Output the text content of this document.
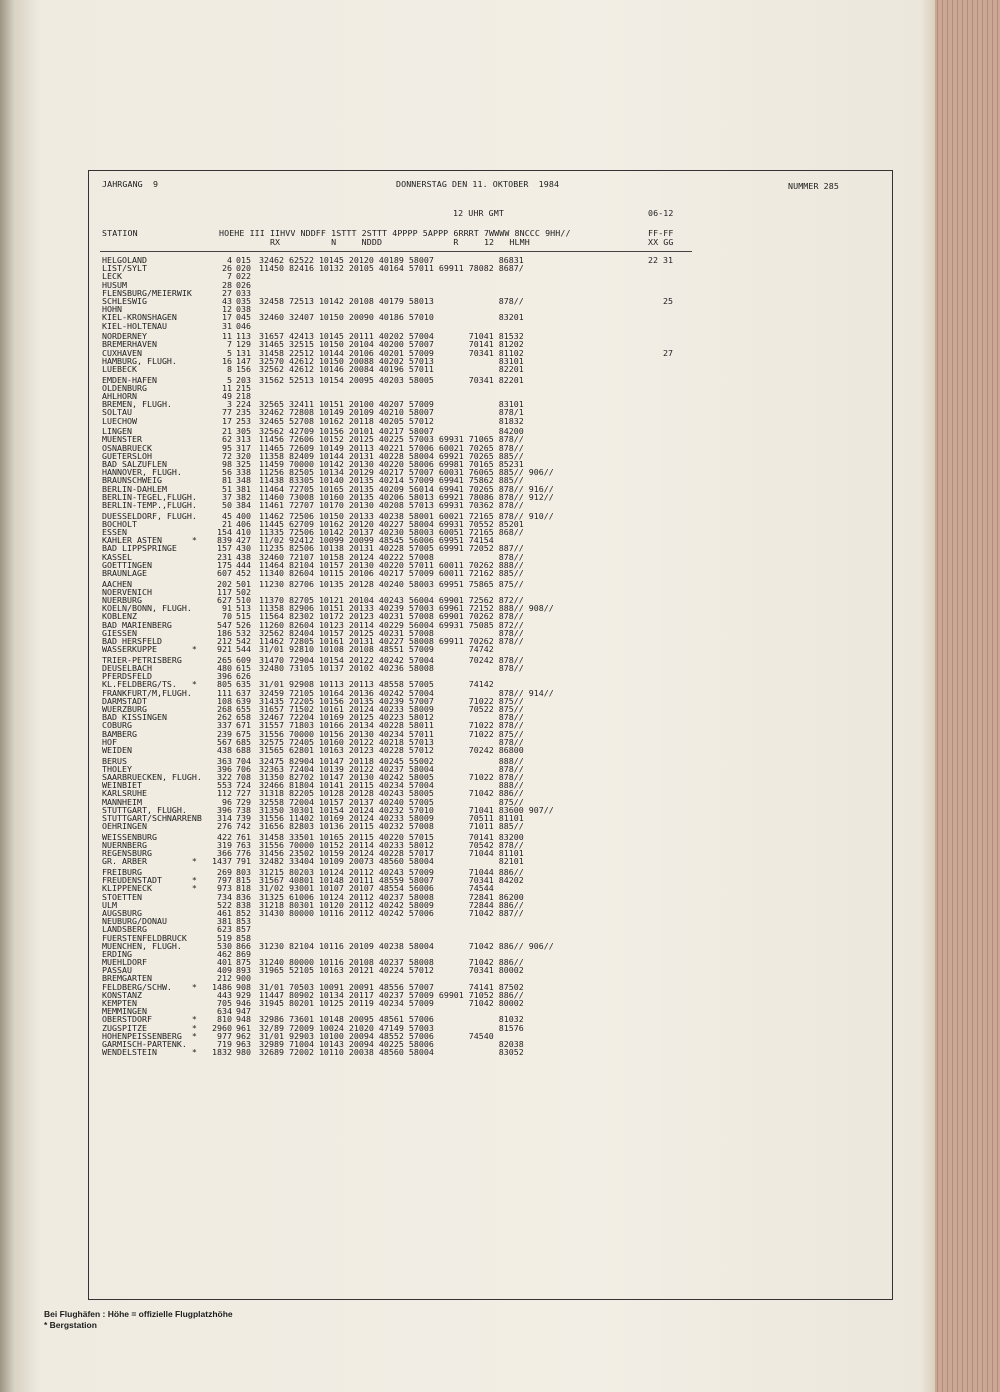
JAHRGANG  9	DONNERSTAG DEN 11. OKTOBER  1984	NUMMER 285
12 UHR GMT	06-12
STATION	HOEHE III IIHVV NDDFF 1STTT 2STTT 4PPPP 5APPP 6RRRT 7WWWW 8NCCC 9HH//
RX          N     NDDD              R     12   HLMH
FF-FF
XX GG
HELGOLAND	4 015 32462 62522 10145 20120 40189 58007             86831	22 31
LIST/SYLT	26 020 11450 82416 10132 20105 40164 57011 69911 78082 8687/
LECK	7 022
HUSUM	28 026
FLENSBURG/MEIERWIK	27 033
SCHLESWIG	43 035 32458 72513 10142 20108 40179 58013             878//	25
HOHN	12 038
KIEL-KRONSHAGEN	17 045 32460 32407 10150 20090 40186 57010             83201
KIEL-HOLTENAU	31 046
NORDERNEY	11 113 31657 42413 10145 20111 40202 57004       71041 81532
BREMERHAVEN	7 129 31465 32515 10150 20104 40200 57007       70141 81202
CUXHAVEN	5 131 31458 22512 10144 20106 40201 57009       70341 81102	27
HAMBURG, FLUGH.	16 147 32570 42612 10150 20088 40202 57013             83101
LUEBECK	8 156 32562 42612 10146 20084 40196 57011             82201
EMDEN-HAFEN	5 203 31562 52513 10154 20095 40203 58005       70341 82201
OLDENBURG	11 215
AHLHORN	49 218
BREMEN, FLUGH.	3 224 32565 32411 10151 20100 40207 57009             83101
SOLTAU	77 235 32462 72808 10149 20109 40210 58007             878/1
LUECHOW	17 253 32465 52708 10162 20118 40205 57012             81832
LINGEN	21 305 32562 42709 10156 20101 40217 58007             84200
MUENSTER	62 313 11456 72606 10152 20125 40225 57003 69931 71065 878//
OSNABRUECK	95 317 11465 72609 10149 20113 40221 57006 60021 70265 878//
GUETERSLOH	72 320 11358 82409 10144 20131 40228 58004 69921 70265 885//
BAD SALZUFLEN	98 325 11459 70000 10142 20130 40220 58006 69981 70165 85231
HANNOVER, FLUGH.	56 338 11256 82505 10134 20129 40217 57007 60031 76065 885// 906//
BRAUNSCHWEIG	81 348 11438 83305 10140 20135 40214 57009 69941 75862 885//
BERLIN-DAHLEM	51 381 11464 72705 10165 20135 40209 56014 69941 70265 878// 916//
BERLIN-TEGEL,FLUGH.	37 382 11460 73008 10160 20135 40206 58013 69921 78086 878// 912//
BERLIN-TEMP.,FLUGH.	50 384 11461 72707 10170 20130 40208 57013 69931 70362 878//
DUESSELDORF, FLUGH.	45 400 11462 72506 10150 20133 40238 58001 60021 72165 878// 910//
BOCHOLT	21 406 11445 62709 10162 20120 40227 58004 69931 70552 85201
ESSEN	154 410 11335 72506 10142 20137 40230 58003 60051 72165 868//
KAHLER ASTEN      *	839 427 11/02 92412 10099 20099 48545 56006 69951 74154
BAD LIPPSPRINGE	157 430 11235 82506 10138 20131 40228 57005 69991 72052 887//
KASSEL	231 438 32460 72107 10158 20124 40222 57008             878//
GOETTINGEN	175 444 11464 82104 10157 20130 40220 57011 60011 70262 888//
BRAUNLAGE	607 452 11340 82604 10115 20106 40217 57009 60011 72162 885//
AACHEN	202 501 11230 82706 10135 20128 40240 58003 69951 75865 875//
NOERVENICH	117 502
NUERBURG	627 510 11370 82705 10121 20104 40243 56004 69901 72562 872//
KOELN/BONN, FLUGH.	91 513 11358 82906 10151 20133 40239 57003 69961 72152 888// 908//
KOBLENZ	70 515 11564 82302 10172 20123 40231 57008 69901 70262 878//
BAD MARIENBERG	547 526 11260 82604 10123 20114 40229 56004 69931 75085 872//
GIESSEN	186 532 32562 82404 10157 20125 40231 57008             878//
BAD HERSFELD	212 542 11462 72805 10161 20131 40227 58008 69911 70262 878//
WASSERKUPPE       *	921 544 31/01 92810 10108 20108 48551 57009       74742
TRIER-PETRISBERG	265 609 31470 72904 10154 20122 40242 57004       70242 878//
DEUSELBACH	480 615 32480 73105 10137 20102 40236 58008             878//
PFERDSFELD	396 626
KL.FELDBERG/TS.   *	805 635 31/01 92908 10113 20113 48558 57005       74142
FRANKFURT/M,FLUGH.	111 637 32459 72105 10164 20136 40242 57004             878// 914//
DARMSTADT	108 639 31435 72205 10156 20135 40239 57007       71022 875//
WUERZBURG	268 655 31657 71502 10161 20124 40233 58009       70522 875//
BAD KISSINGEN	262 658 32467 72204 10169 20125 40223 58012             878//
COBURG	337 671 31557 71803 10166 20134 40228 58011       71022 878//
BAMBERG	239 675 31556 70000 10156 20130 40234 57011       71022 875//
HOF	567 685 32575 72405 10160 20122 40218 57013             878//
WEIDEN	438 688 31565 62801 10163 20123 40228 57012       70242 86800
BERUS	363 704 32475 82904 10147 20118 40245 55002             888//
THOLEY	396 706 32363 72404 10139 20122 40237 58004             878//
SAARBRUECKEN, FLUGH.	322 708 31350 82702 10147 20130 40242 58005       71022 878//
WEINBIET	553 724 32466 81804 10141 20115 40234 57004             888//
KARLSRUHE	112 727 31318 82205 10128 20128 40243 58005       71042 886//
MANNHEIM	96 729 32558 72004 10157 20137 40240 57005             875//
STUTTGART, FLUGH.	396 738 31350 30301 10154 20124 40232 57010       71041 83600 907//
STUTTGART/SCHNARRENB	314 739 31556 11402 10169 20124 40233 58009       70511 81101
OEHRINGEN	276 742 31656 82803 10136 20115 40232 57008       71011 885//
WEISSENBURG	422 761 31458 33501 10165 20115 40220 57015       70141 83200
NUERNBERG	319 763 31556 70000 10152 20114 40233 58012       70542 878//
REGENSBURG	366 776 31456 23502 10159 20124 40228 57017       71044 81101
GR. ARBER         *	1437 791 32482 33404 10109 20073 48560 58004             82101
FREIBURG	269 803 31215 80203 10124 20112 40243 57009       71044 886//
FREUDENSTADT      *	797 815 31567 40801 10148 20111 48559 58007       70341 84202
KLIPPENECK        *	973 818 31/02 93001 10107 20107 48554 56006       74544
STOETTEN	734 836 31325 61006 10124 20112 40237 58008       72841 86200
ULM	522 838 31218 80301 10120 20112 40242 58009       72844 886//
AUGSBURG	461 852 31430 80000 10116 20112 40242 57006       71042 887//
NEUBURG/DONAU	381 853
LANDSBERG	623 857
FUERSTENFELDBRUCK	519 858
MUENCHEN, FLUGH.	530 866 31230 82104 10116 20109 40238 58004       71042 886// 906//
ERDING	462 869
MUEHLDORF	401 875 31240 80000 10116 20108 40237 58008       71042 886//
PASSAU	409 893 31965 52105 10163 20121 40224 57012       70341 80002
BREMGARTEN	212 900
FELDBERG/SCHW.    *	1486 908 31/01 70503 10091 20091 48556 57007       74141 87502
KONSTANZ	443 929 11447 80902 10134 20117 40237 57009 69901 71052 886//
KEMPTEN	705 946 31945 80201 10125 20119 40234 57009       71042 80002
MEMMINGEN	634 947
OBERSTDORF        *	810 948 32986 73601 10148 20095 48561 57006             81032
ZUGSPITZE         *	2960 961 32/89 72009 10024 21020 47149 57003             81576
HOHENPEISSENBERG  *	977 962 31/01 92903 10100 20094 48552 57006       74540
GARMISCH-PARTENK.	719 963 32989 71004 10143 20094 40225 58006             82038
WENDELSTEIN       *	1832 980 32689 72002 10110 20038 48560 58004             83052
Bei Flughäfen : Höhe = offizielle Flugplatzhöhe
* Bergstation
